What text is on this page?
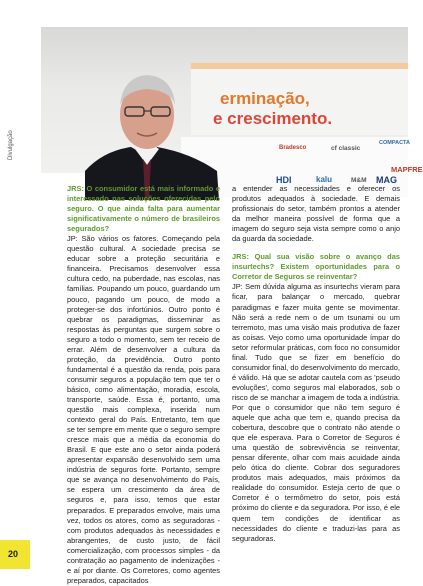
erminação,
e crescimento.
HDI	kalu	M&M MAG
COMPACTA
cf classic
Bradesco
MAPFRE
Divulgação

JRS: O consumidor está mais informado e interessado nas soluções oferecidas pelo seguro. O que ainda falta para aumentar significativamente o número de brasileiros segurados?

JP: São vários os fatores. Começando pela questão cultural. A sociedade precisa se educar sobre a proteção securitária e financeira. Precisamos desenvolver essa cultura cedo, na puberdade, nas escolas, nas famílias. Poupando um pouco, guardando um pouco, pagando um pouco, de modo a proteger-se dos infortúnios. Outro ponto é quebrar os paradigmas, disseminar as respostas às perguntas que surgem sobre o seguro a todo o momento, sem ter receio de errar. Além de desenvolver a cultura da proteção, da previdência. Outro ponto fundamental é a questão da renda, pois para consumir seguros a população tem que ter o básico, como alimentação, moradia, escola, transporte, saúde. Essa é, portanto, uma questão mais complexa, inserida num contexto geral do País. Entretanto, tem que se ter sempre em mente que o seguro sempre cresce mais que a média da economia do Brasil. E que este ano o setor ainda poderá apresentar expansão desenvolvido sem uma indústria de seguros forte. Portanto, sempre que se avança no desenvolvimento do País, se espera um crescimento da área de seguros e, para isso, temos que estar preparados. E preparados envolve, mais uma vez, todos os atores, como as seguradoras - com produtos adequados às necessidades e abrangentes, de custo justo, de fácil comercialização, com processos simples - da contratação ao pagamento de indenizações - e aí por diante. Os Corretores, como agentes preparados, capacitados

a entender as necessidades e oferecer os produtos adequados à sociedade. E demais profissionais do setor, também prontos a atender da melhor maneira possível de forma que a imagem do seguro seja vista sempre como o anjo da guarda da sociedade.

JRS: Qual sua visão sobre o avanço das insurtechs? Existem oportunidades para o Corretor de Seguros se reinventar?

JP: Sem dúvida alguma as insurtechs vieram para ficar, para balançar o mercado, quebrar paradigmas e fazer muita gente se movimentar. Não será a rede nem o de um tsunami ou um terremoto, mas uma visão mais produtiva de fazer as coisas. Vejo como uma oportunidade ímpar do setor reformular práticas, com foco no consumidor final. Tudo que se fizer em benefício do consumidor final, do desenvolvimento do mercado, é válido. Há que se adotar cautela com as 'pseudo evoluções', como seguros mal elaborados, sob o risco de se manchar a imagem de toda a indústria. Por que o consumidor que não tem seguro é aquele que acha que tem e, quando precisa da cobertura, descobre que o contrato não atende o que ele esperava. Para o Corretor de Seguros é uma questão de sobrevivência se reinventar, pensar diferente, olhar com mais acuidade ainda pelo ótica do cliente. Cobrar dos seguradores produtos mais adequados, mais próximos da realidade do consumidor. Esteja certo de que o Corretor é o termômetro do setor, pois está próximo do cliente e da seguradora. Por isso, é ele quem tem condições de identificar as necessidades do cliente e traduzi-las para as seguradoras.

20
